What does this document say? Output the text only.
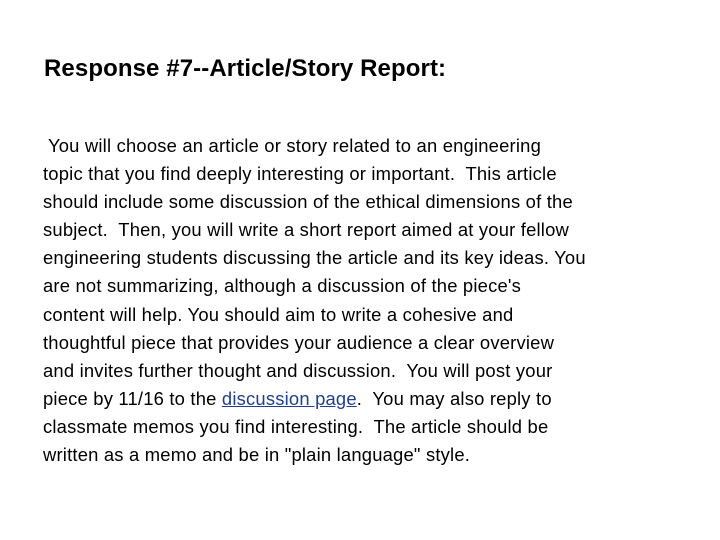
Response #7--Article/Story Report:
You will choose an article or story related to an engineering
topic that you find deeply interesting or important.  This article
should include some discussion of the ethical dimensions of the
subject.  Then, you will write a short report aimed at your fellow
engineering students discussing the article and its key ideas. You
are not summarizing, although a discussion of the piece's
content will help. You should aim to write a cohesive and
thoughtful piece that provides your audience a clear overview
and invites further thought and discussion.  You will post your
piece by 11/16 to the discussion page.  You may also reply to
classmate memos you find interesting.  The article should be
written as a memo and be in "plain language" style.
